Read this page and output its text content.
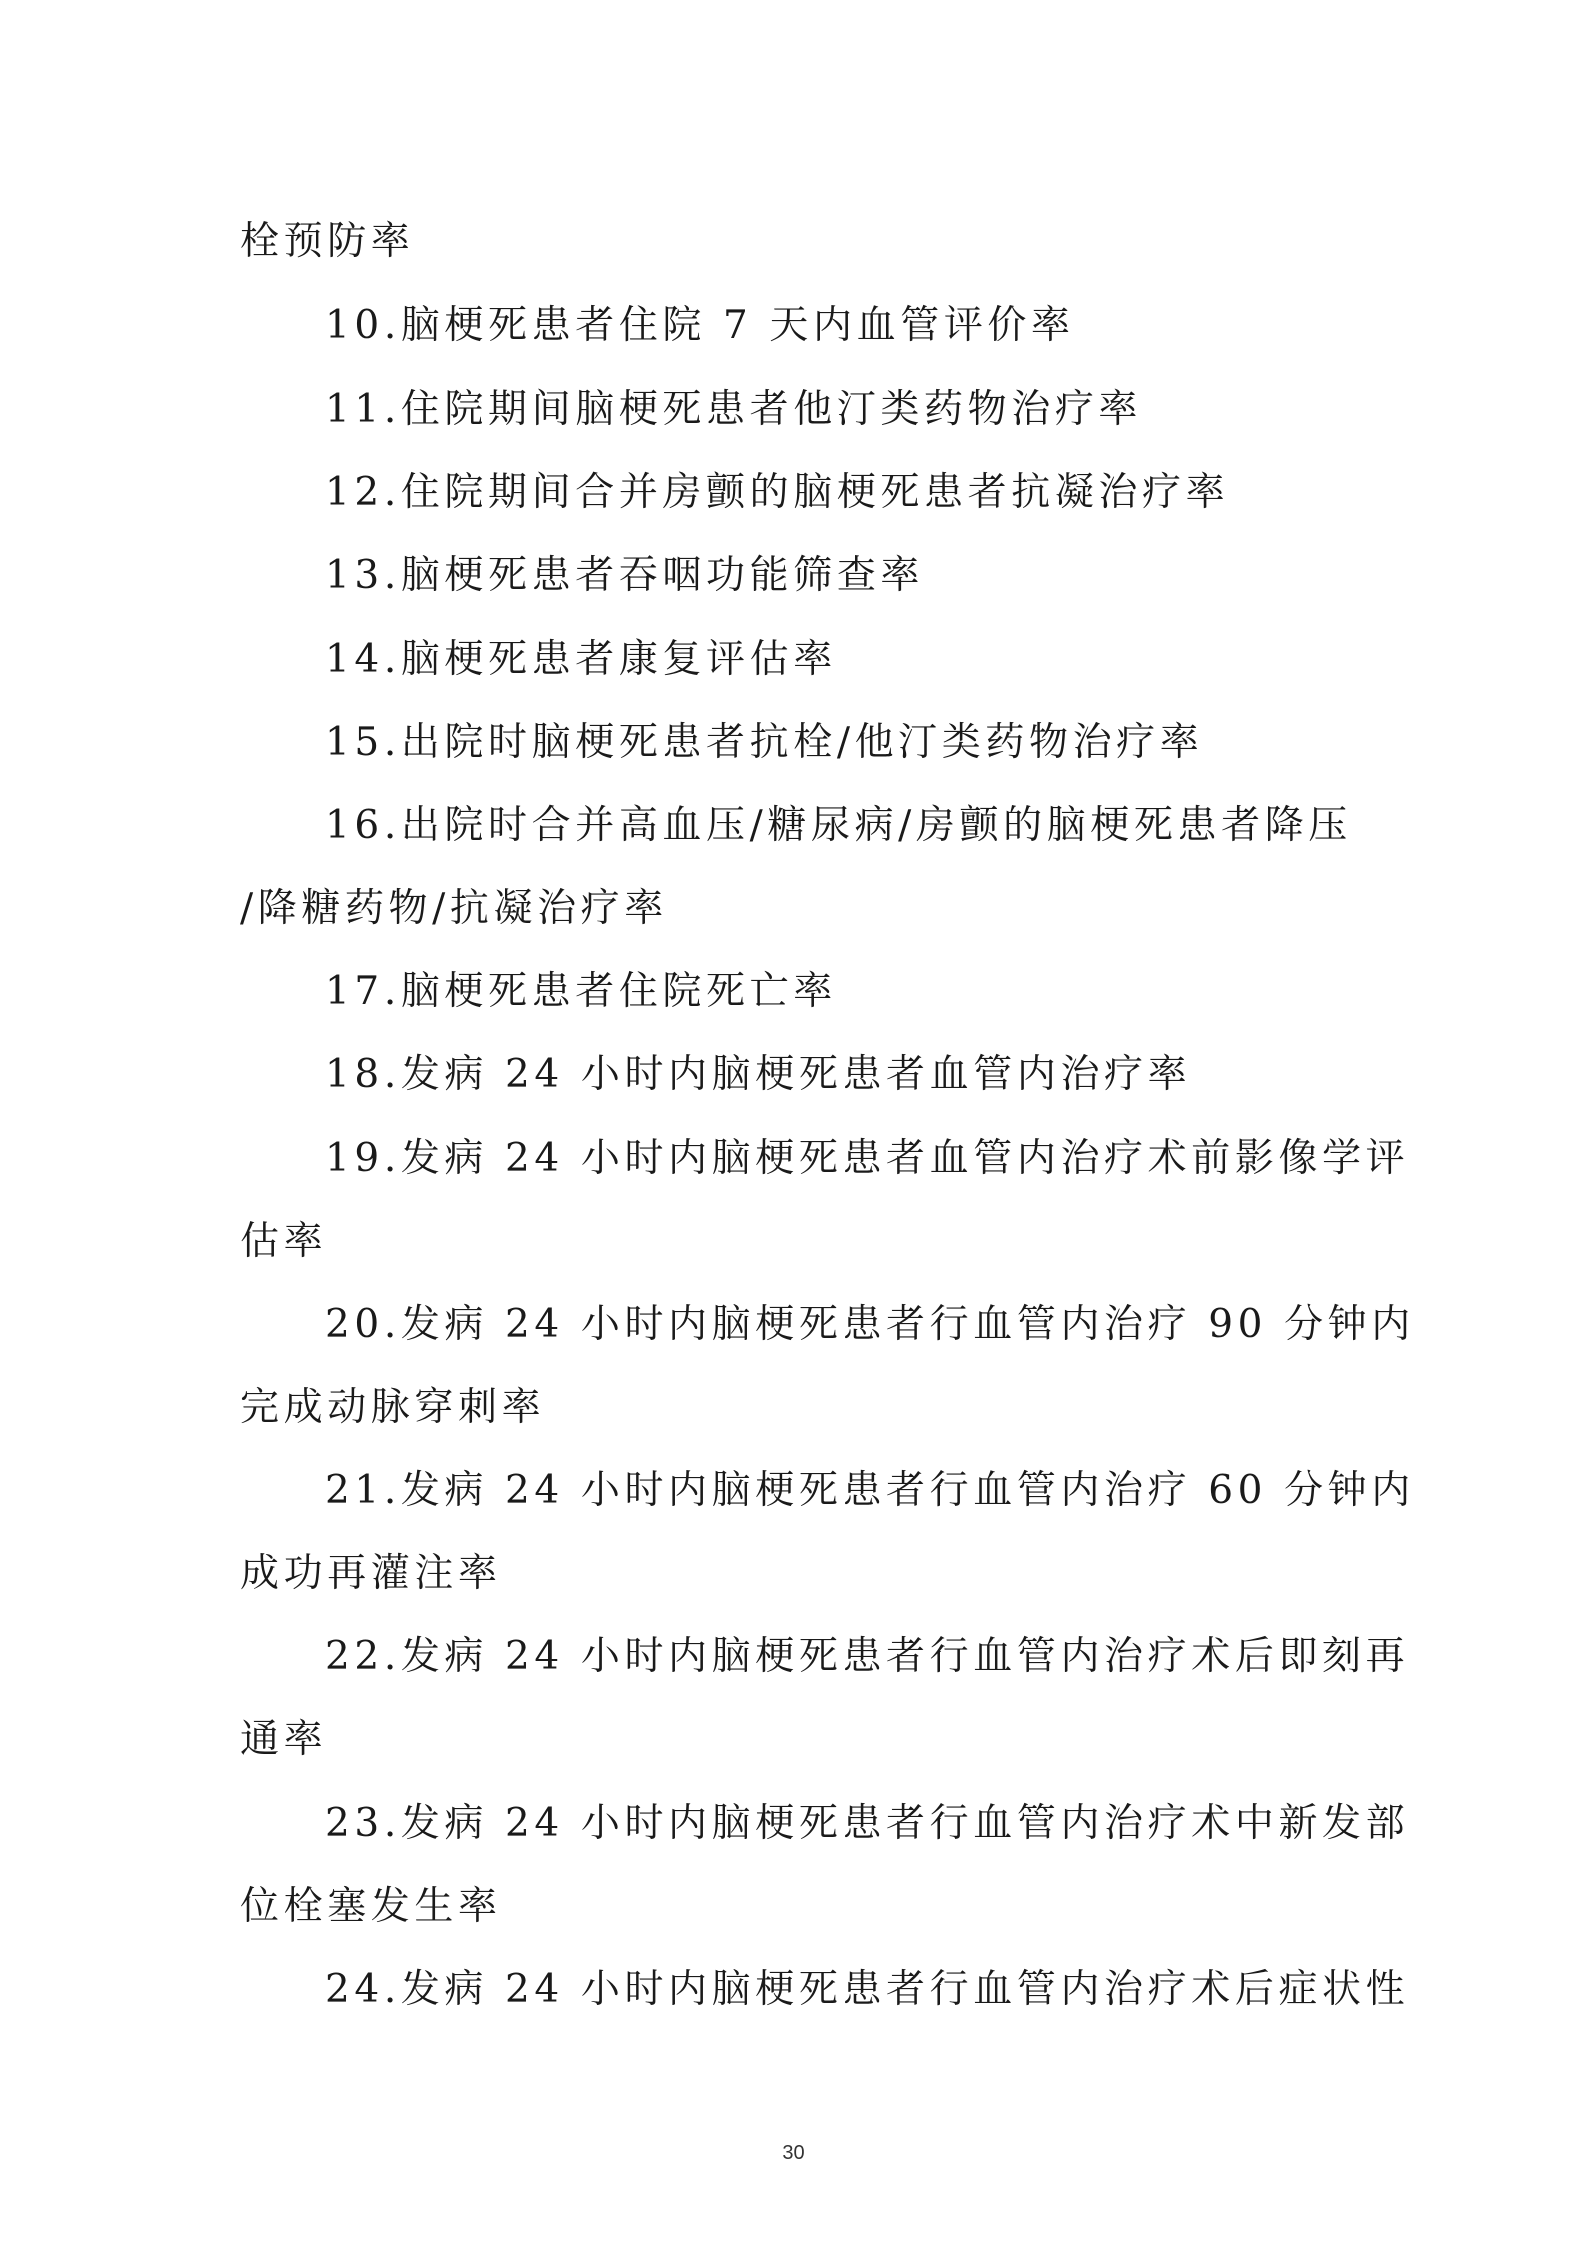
栓预防率
10.脑梗死患者住院 7 天内血管评价率
11.住院期间脑梗死患者他汀类药物治疗率
12.住院期间合并房颤的脑梗死患者抗凝治疗率
13.脑梗死患者吞咽功能筛查率
14.脑梗死患者康复评估率
15.出院时脑梗死患者抗栓/他汀类药物治疗率
16.出院时合并高血压/糖尿病/房颤的脑梗死患者降压
/降糖药物/抗凝治疗率
17.脑梗死患者住院死亡率
18.发病 24 小时内脑梗死患者血管内治疗率
19.发病 24 小时内脑梗死患者血管内治疗术前影像学评
估率
20.发病 24 小时内脑梗死患者行血管内治疗 90 分钟内
完成动脉穿刺率
21.发病 24 小时内脑梗死患者行血管内治疗 60 分钟内
成功再灌注率
22.发病 24 小时内脑梗死患者行血管内治疗术后即刻再
通率
23.发病 24 小时内脑梗死患者行血管内治疗术中新发部
位栓塞发生率
24.发病 24 小时内脑梗死患者行血管内治疗术后症状性
30
